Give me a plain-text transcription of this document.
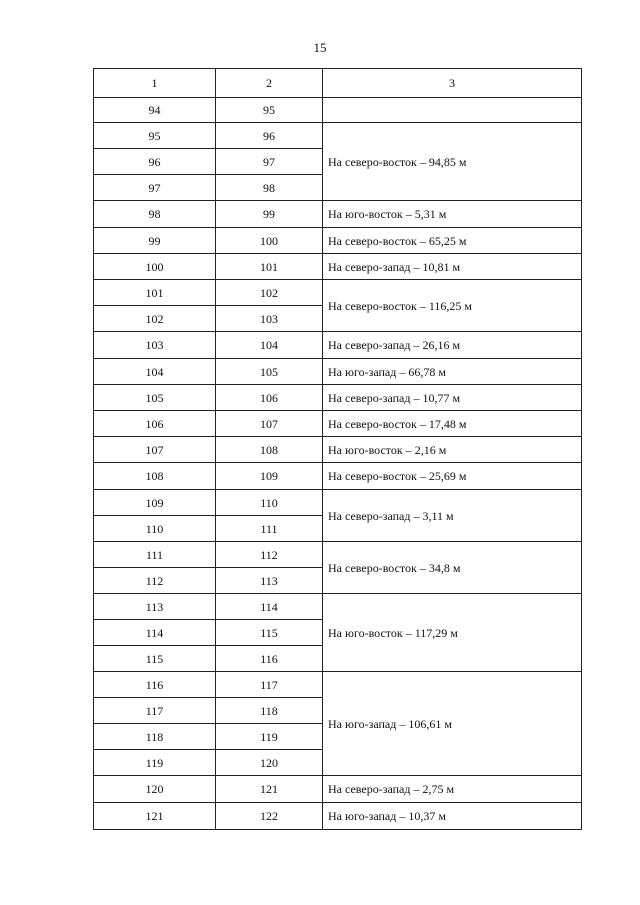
15
1	2	3
94	95	
95	96	На северо-восток – 94,85 м
96	97	
97	98	
98	99	На юго-восток – 5,31 м
99	100	На северо-восток – 65,25 м
100	101	На северо-запад – 10,81 м
101	102	На северо-восток – 116,25 м
102	103	
103	104	На северо-запад – 26,16 м
104	105	На юго-запад – 66,78 м
105	106	На северо-запад – 10,77 м
106	107	На северо-восток – 17,48 м
107	108	На юго-восток – 2,16 м
108	109	На северо-восток – 25,69 м
109	110	На северо-запад – 3,11 м
110	111	
111	112	На северо-восток – 34,8 м
112	113	
113	114	На юго-восток – 117,29 м
114	115	
115	116	
116	117	На юго-запад – 106,61 м
117	118	
118	119	
119	120	
120	121	На северо-запад – 2,75 м
121	122	На юго-запад – 10,37 м
